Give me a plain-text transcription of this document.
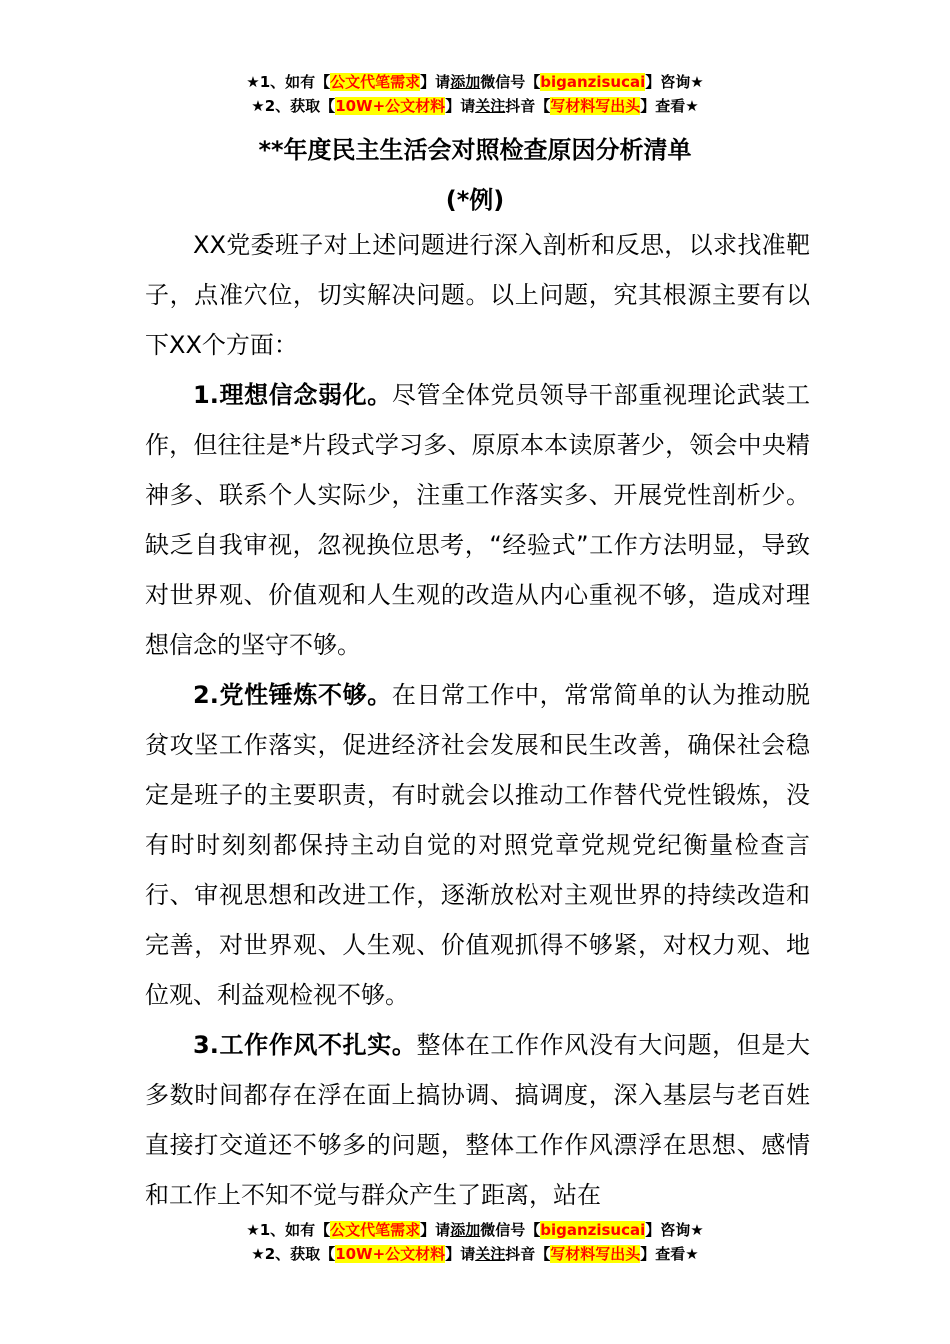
★1、如有【公文代笔需求】请添加微信号【biganzisucai】咨询★
★2、获取【10W+公文材料】请关注抖音【写材料写出头】查看★
**年度民主生活会对照检查原因分析清单
(*例)

XX党委班子对上述问题进行深入剖析和反思，以求找准靶子，点准穴位，切实解决问题。以上问题，究其根源主要有以下XX个方面：

1.理想信念弱化。尽管全体党员领导干部重视理论武装工作，但往往是*片段式学习多、原原本本读原著少，领会中央精神多、联系个人实际少，注重工作落实多、开展党性剖析少。缺乏自我审视，忽视换位思考，“经验式”工作方法明显，导致对世界观、价值观和人生观的改造从内心重视不够，造成对理想信念的坚守不够。

2.党性锤炼不够。在日常工作中，常常简单的认为推动脱贫攻坚工作落实，促进经济社会发展和民生改善，确保社会稳定是班子的主要职责，有时就会以推动工作替代党性锻炼，没有时时刻刻都保持主动自觉的对照党章党规党纪衡量检查言行、审视思想和改进工作，逐渐放松对主观世界的持续改造和完善，对世界观、人生观、价值观抓得不够紧，对权力观、地位观、利益观检视不够。

3.工作作风不扎实。整体在工作作风没有大问题，但是大多数时间都存在浮在面上搞协调、搞调度，深入基层与老百姓直接打交道还不够多的问题，整体工作作风漂浮在思想、感情和工作上不知不觉与群众产生了距离，站在

★1、如有【公文代笔需求】请添加微信号【biganzisucai】咨询★
★2、获取【10W+公文材料】请关注抖音【写材料写出头】查看★
